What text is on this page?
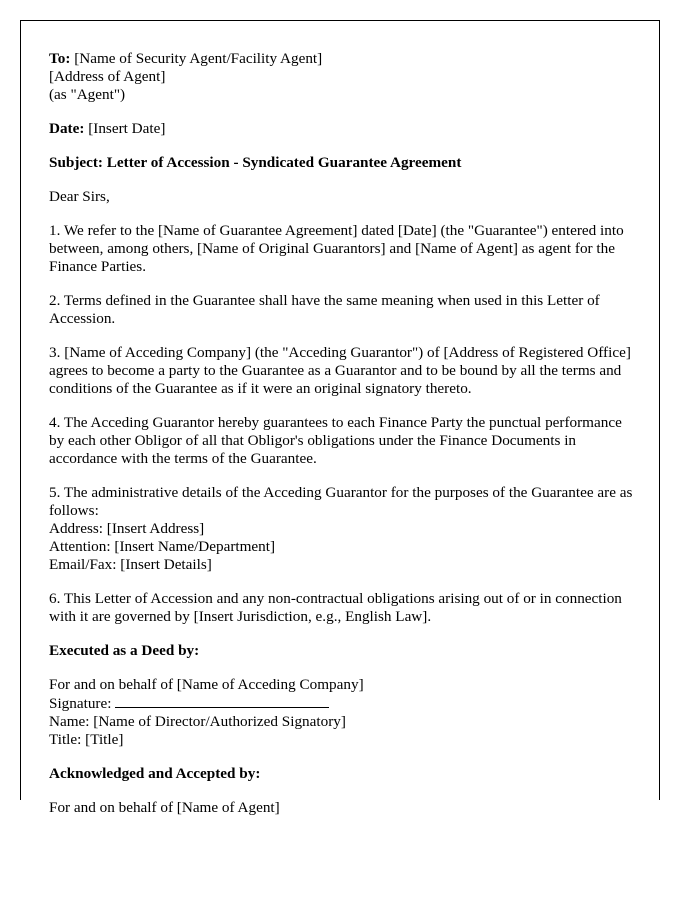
To: [Name of Security Agent/Facility Agent]
[Address of Agent]
(as "Agent")
Date: [Insert Date]
Subject: Letter of Accession - Syndicated Guarantee Agreement
Dear Sirs,
1. We refer to the [Name of Guarantee Agreement] dated [Date] (the "Guarantee") entered into between, among others, [Name of Original Guarantors] and [Name of Agent] as agent for the Finance Parties.
2. Terms defined in the Guarantee shall have the same meaning when used in this Letter of Accession.
3. [Name of Acceding Company] (the "Acceding Guarantor") of [Address of Registered Office] agrees to become a party to the Guarantee as a Guarantor and to be bound by all the terms and conditions of the Guarantee as if it were an original signatory thereto.
4. The Acceding Guarantor hereby guarantees to each Finance Party the punctual performance by each other Obligor of all that Obligor's obligations under the Finance Documents in accordance with the terms of the Guarantee.
5. The administrative details of the Acceding Guarantor for the purposes of the Guarantee are as follows:
Address: [Insert Address]
Attention: [Insert Name/Department]
Email/Fax: [Insert Details]
6. This Letter of Accession and any non-contractual obligations arising out of or in connection with it are governed by [Insert Jurisdiction, e.g., English Law].
Executed as a Deed by:
For and on behalf of [Name of Acceding Company]
Signature:
Name: [Name of Director/Authorized Signatory]
Title: [Title]
Acknowledged and Accepted by:
For and on behalf of [Name of Agent]
